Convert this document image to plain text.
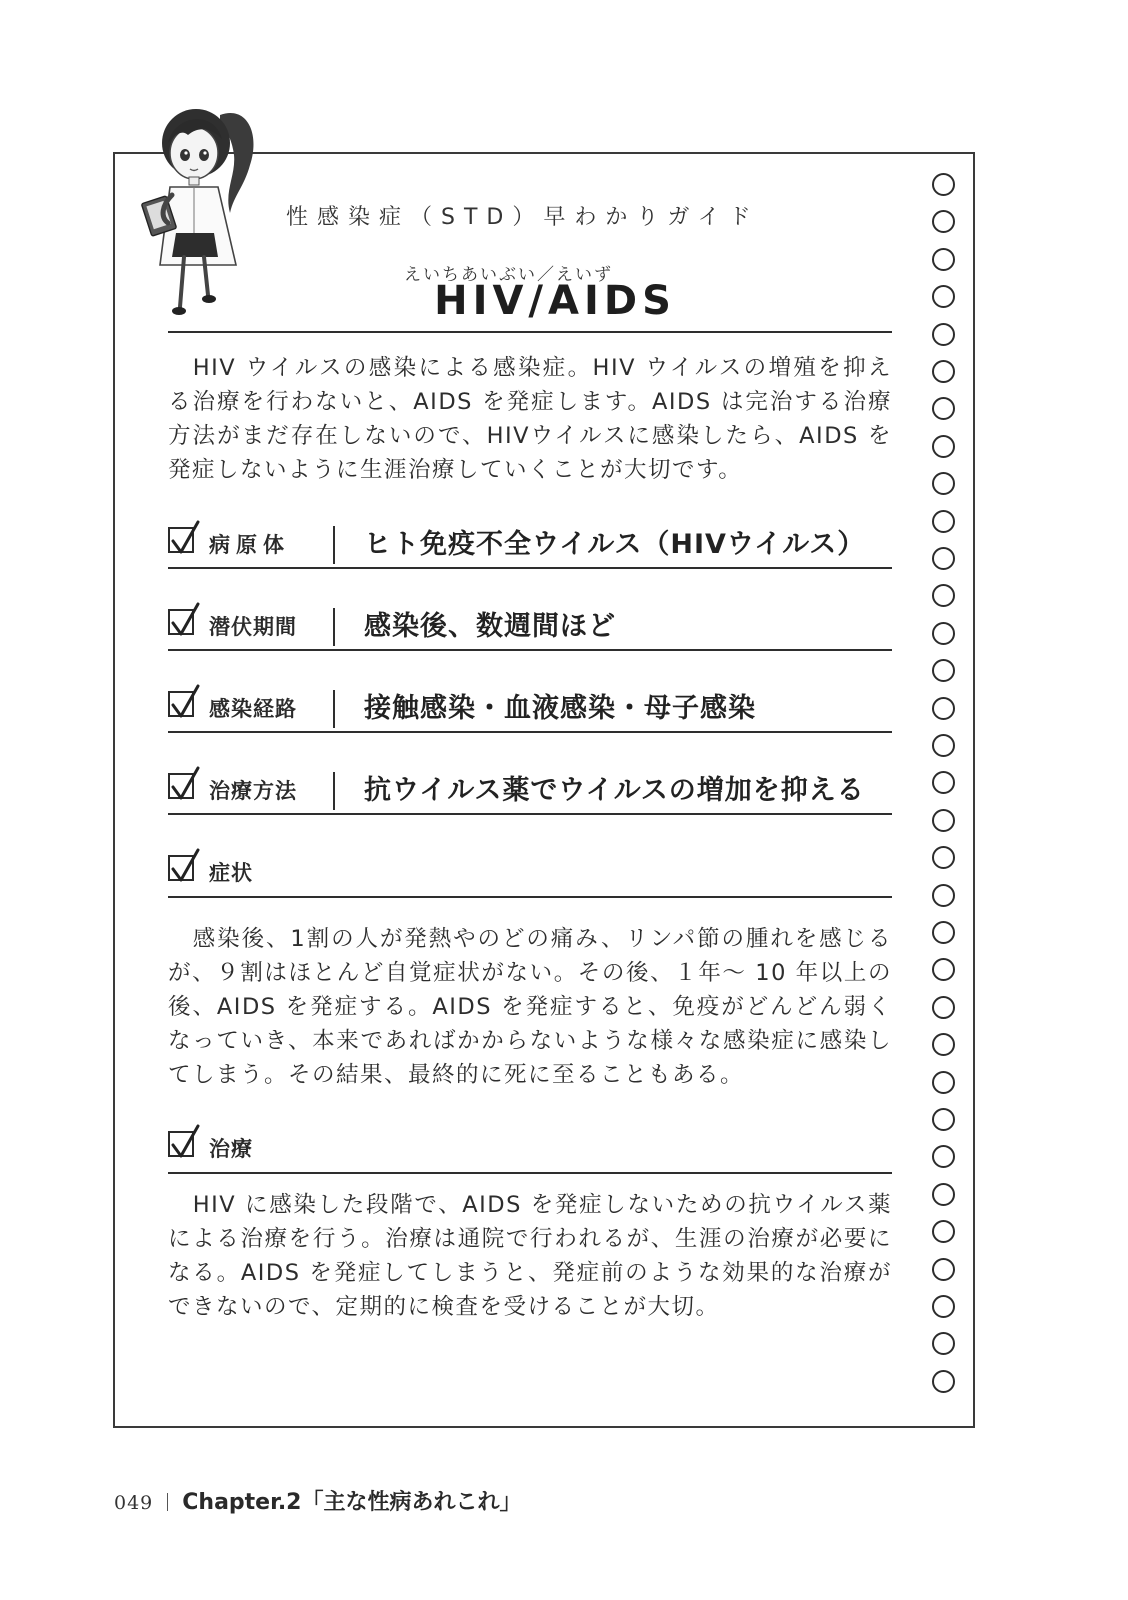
性感染症（STD）早わかりガイド
えいちあいぶい／えいず
HIV/AIDS

HIV ウイルスの感染による感染症。HIV ウイルスの増殖を抑える治療を行わないと、AIDS を発症します。AIDS は完治する治療方法がまだ存在しないので、HIVウイルスに感染したら、AIDS を発症しないように生涯治療していくことが大切です。

病原体	ヒト免疫不全ウイルス（HIVウイルス）
潜伏期間 感染後、数週間ほど
感染経路 接触感染・血液感染・母子感染
治療方法 抗ウイルス薬でウイルスの増加を抑える
症状

感染後、1割の人が発熱やのどの痛み、リンパ節の腫れを感じるが、９割はほとんど自覚症状がない。その後、１年〜 10 年以上の後、AIDS を発症する。AIDS を発症すると、免疫がどんどん弱くなっていき、本来であればかからないような様々な感染症に感染してしまう。その結果、最終的に死に至ることもある。

治療

HIV に感染した段階で、AIDS を発症しないための抗ウイルス薬による治療を行う。治療は通院で行われるが、生涯の治療が必要になる。AIDS を発症してしまうと、発症前のような効果的な治療ができないので、定期的に検査を受けることが大切。

049 Chapter.2「主な性病あれこれ」
